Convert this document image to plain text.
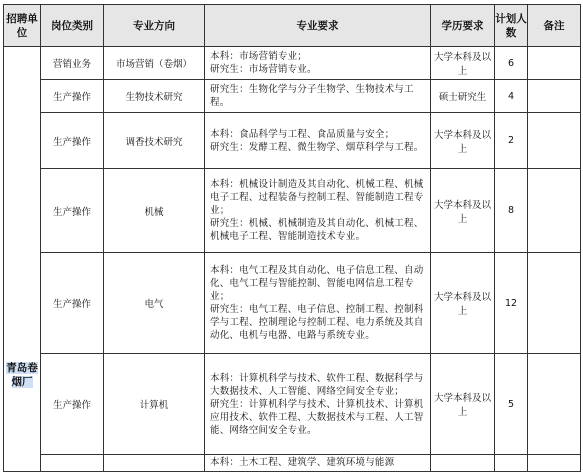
招聘单位	岗位类别	专业方向	专业要求	学历要求	计划人数	备注
青岛卷烟厂	营销业务	市场营销（卷烟）	本科：市场营销专业；
研究生：市场营销专业。	大学本科及以上	6	
	生产操作	生物技术研究	研究生：生物化学与分子生物学、生物技术与工程。	硕士研究生	4	
	生产操作	调香技术研究	本科：食品科学与工程、食品质量与安全；
研究生：发酵工程、微生物学、烟草科学与工程。	大学本科及以上	2	
	生产操作	机械	本科：机械设计制造及其自动化、机械工程、机械电子工程、过程装备与控制工程、智能制造工程专业；
研究生：机械、机械制造及其自动化、机械工程、机械电子工程、智能制造技术专业。	大学本科及以上	8	
	生产操作	电气	本科：电气工程及其自动化、电子信息工程、自动化、电气工程与智能控制、智能电网信息工程专业；
研究生：电气工程、电子信息、控制工程、控制科学与工程、控制理论与控制工程、电力系统及其自动化、电机与电器、电路与系统专业。	大学本科及以上	12	
	生产操作	计算机	本科：计算机科学与技术、软件工程、数据科学与大数据技术、人工智能、网络空间安全专业；
研究生：计算机科学与技术、计算机技术、计算机应用技术、软件工程、大数据技术与工程、人工智能、网络空间安全专业。	大学本科及以上	5	

			本科：土木工程、建筑学、建筑环境与能源			
